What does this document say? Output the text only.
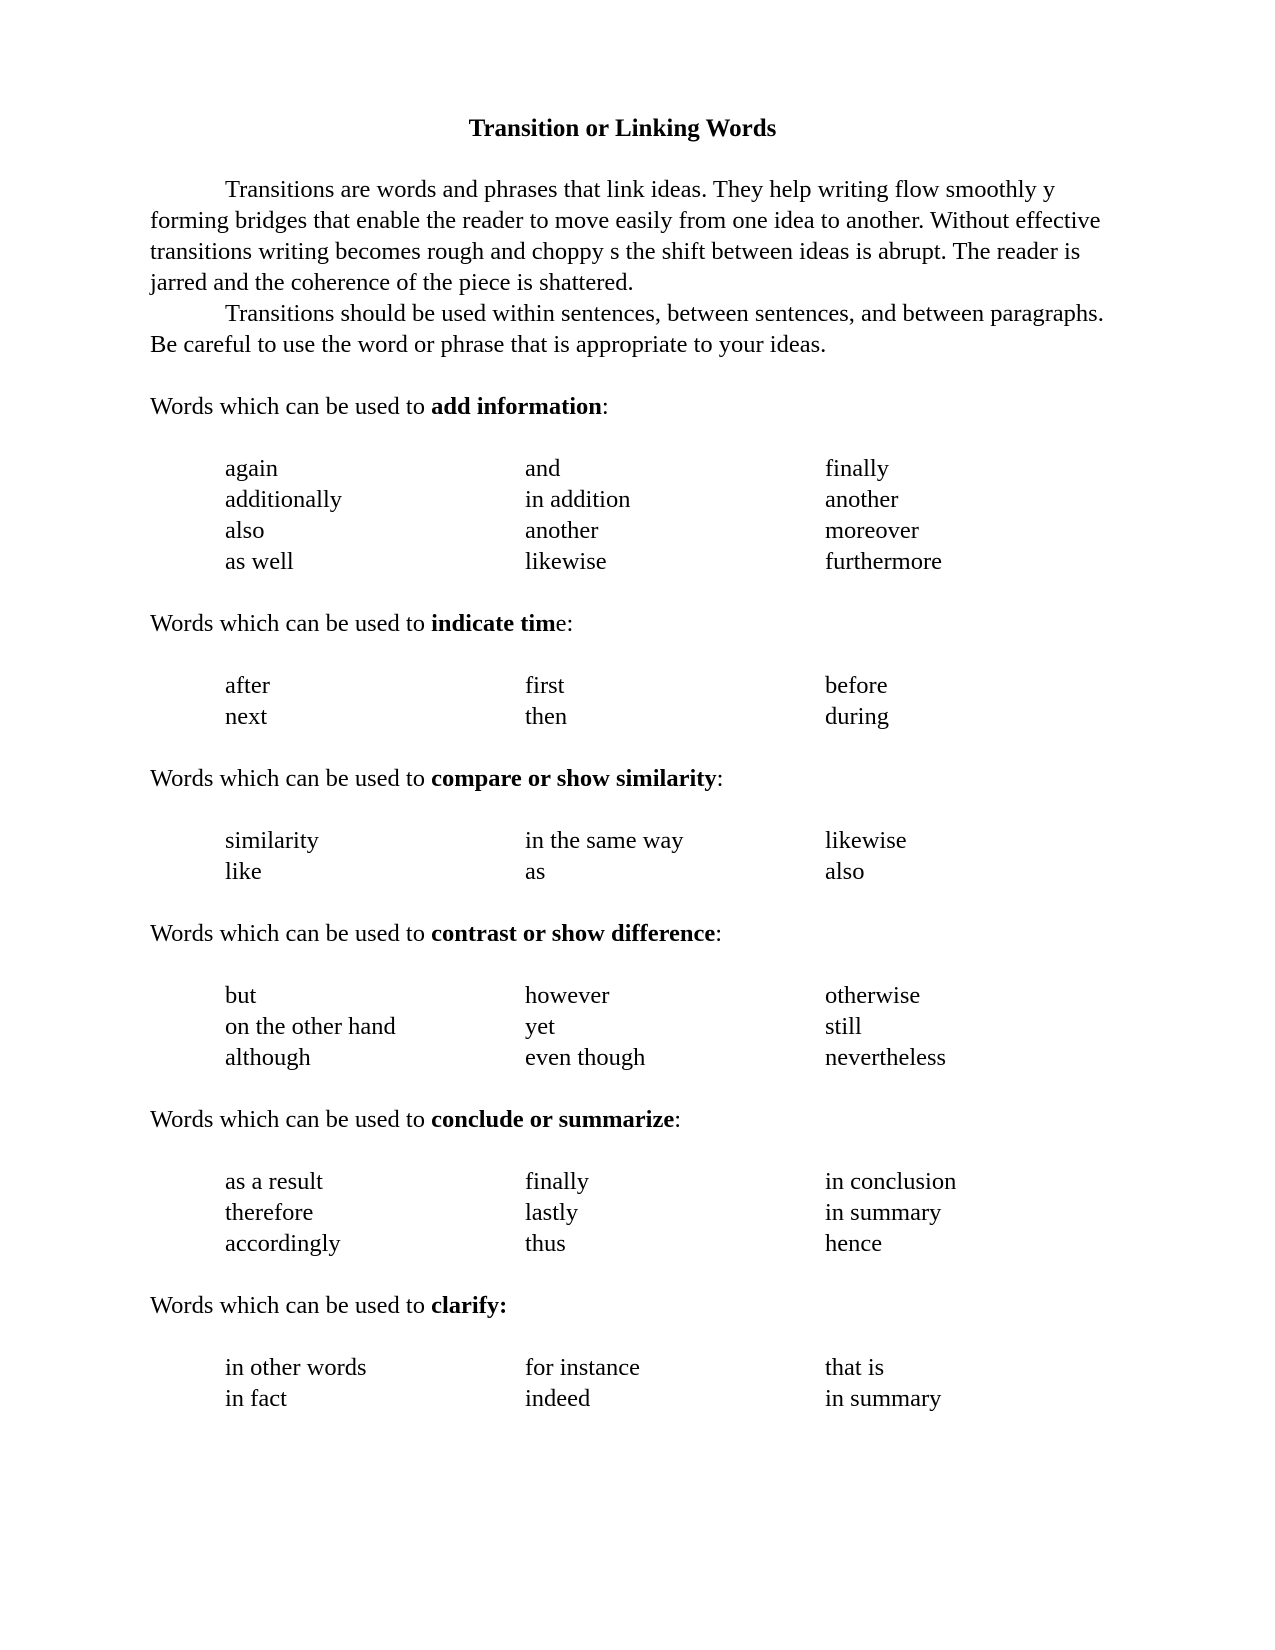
Transition or Linking Words

Transitions are words and phrases that link ideas. They help writing flow smoothly y forming bridges that enable the reader to move easily from one idea to another. Without effective transitions writing becomes rough and choppy s the shift between ideas is abrupt. The reader is jarred and the coherence of the piece is shattered.

Transitions should be used within sentences, between sentences, and between paragraphs. Be careful to use the word or phrase that is appropriate to your ideas.

Words which can be used to add information:
again	and	finally
additionally	in addition	another
also	another	moreover
as well	likewise	furthermore
Words which can be used to indicate time:
after	first	before
next	then	during
Words which can be used to compare or show similarity:
similarity	in the same way	likewise
like	as	also
Words which can be used to contrast or show difference:
but	however	otherwise
on the other hand	yet	still
although	even though	nevertheless
Words which can be used to conclude or summarize:
as a result	finally	in conclusion
therefore	lastly	in summary
accordingly	thus	hence
Words which can be used to clarify:
in other words	for instance	that is
in fact	indeed	in summary
